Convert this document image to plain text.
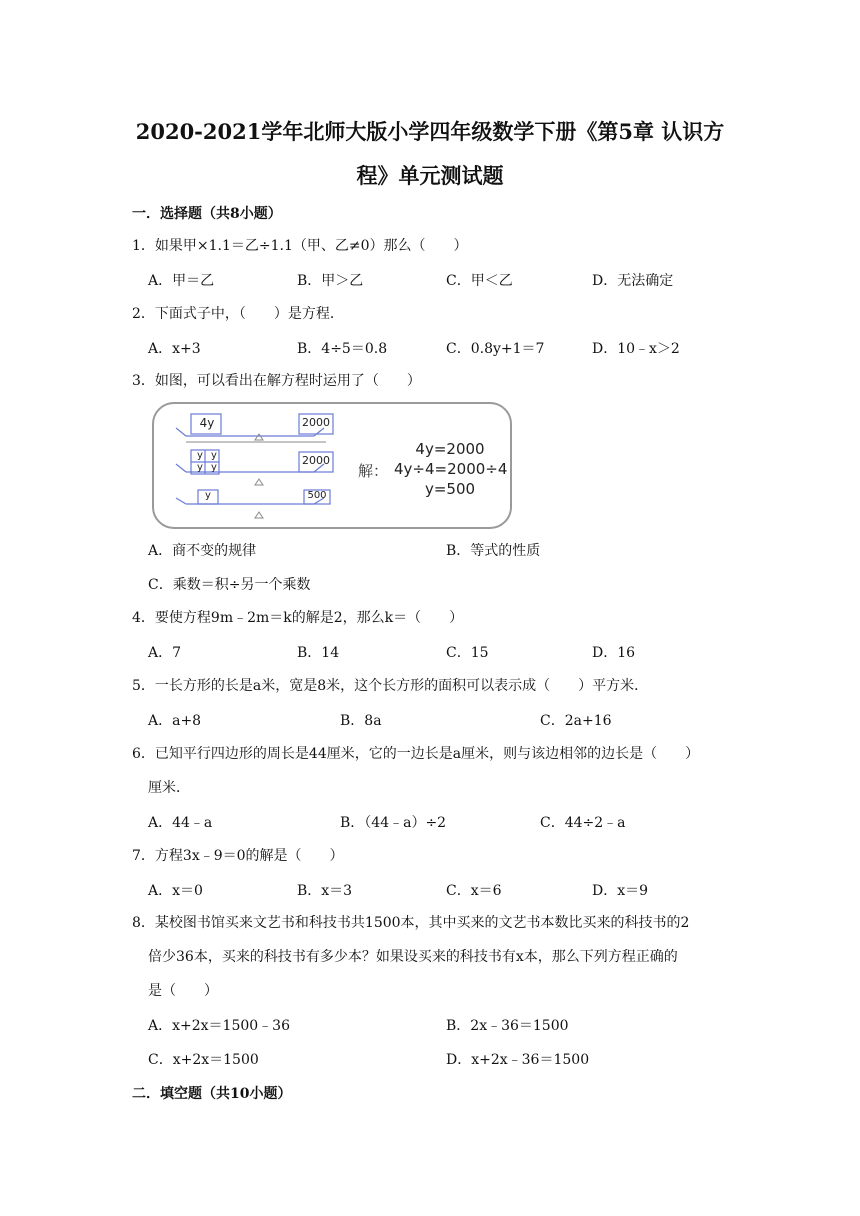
2020-2021学年北师大版小学四年级数学下册《第5章 认识方
程》单元测试题
一．选择题（共8小题）
1．如果甲×1.1＝乙÷1.1（甲、乙≠0）那么（　　）
A．甲＝乙	B．甲＞乙	C．甲＜乙	D．无法确定
2．下面式子中，（　　）是方程．
A．x+3	B．4÷5＝0.8	C．0.8y+1＝7	D．10﹣x＞2
3．如图，可以看出在解方程时运用了（　　）
4y	2000
y y
y y
2000
y	500
解：
4y=2000
4y÷4=2000÷4
y=500
A．商不变的规律	B．等式的性质
C．乘数＝积÷另一个乘数
4．要使方程9m﹣2m＝k的解是2，那么k＝（　　）
A．7	B．14	C．15	D．16
5．一长方形的长是a米，宽是8米，这个长方形的面积可以表示成（　　）平方米．
A．a+8	B．8a	C．2a+16
6．已知平行四边形的周长是44厘米，它的一边长是a厘米，则与该边相邻的边长是（　　）
厘米．
A．44﹣a	B．（44﹣a）÷2	C．44÷2﹣a
7．方程3x﹣9＝0的解是（　　）
A．x＝0	B．x＝3	C．x＝6	D．x＝9
8．某校图书馆买来文艺书和科技书共1500本，其中买来的文艺书本数比买来的科技书的2
倍少36本，买来的科技书有多少本？如果设买来的科技书有x本，那么下列方程正确的
是（　　）
A．x+2x＝1500﹣36	B．2x﹣36＝1500
C．x+2x＝1500	D．x+2x﹣36＝1500
二．填空题（共10小题）
